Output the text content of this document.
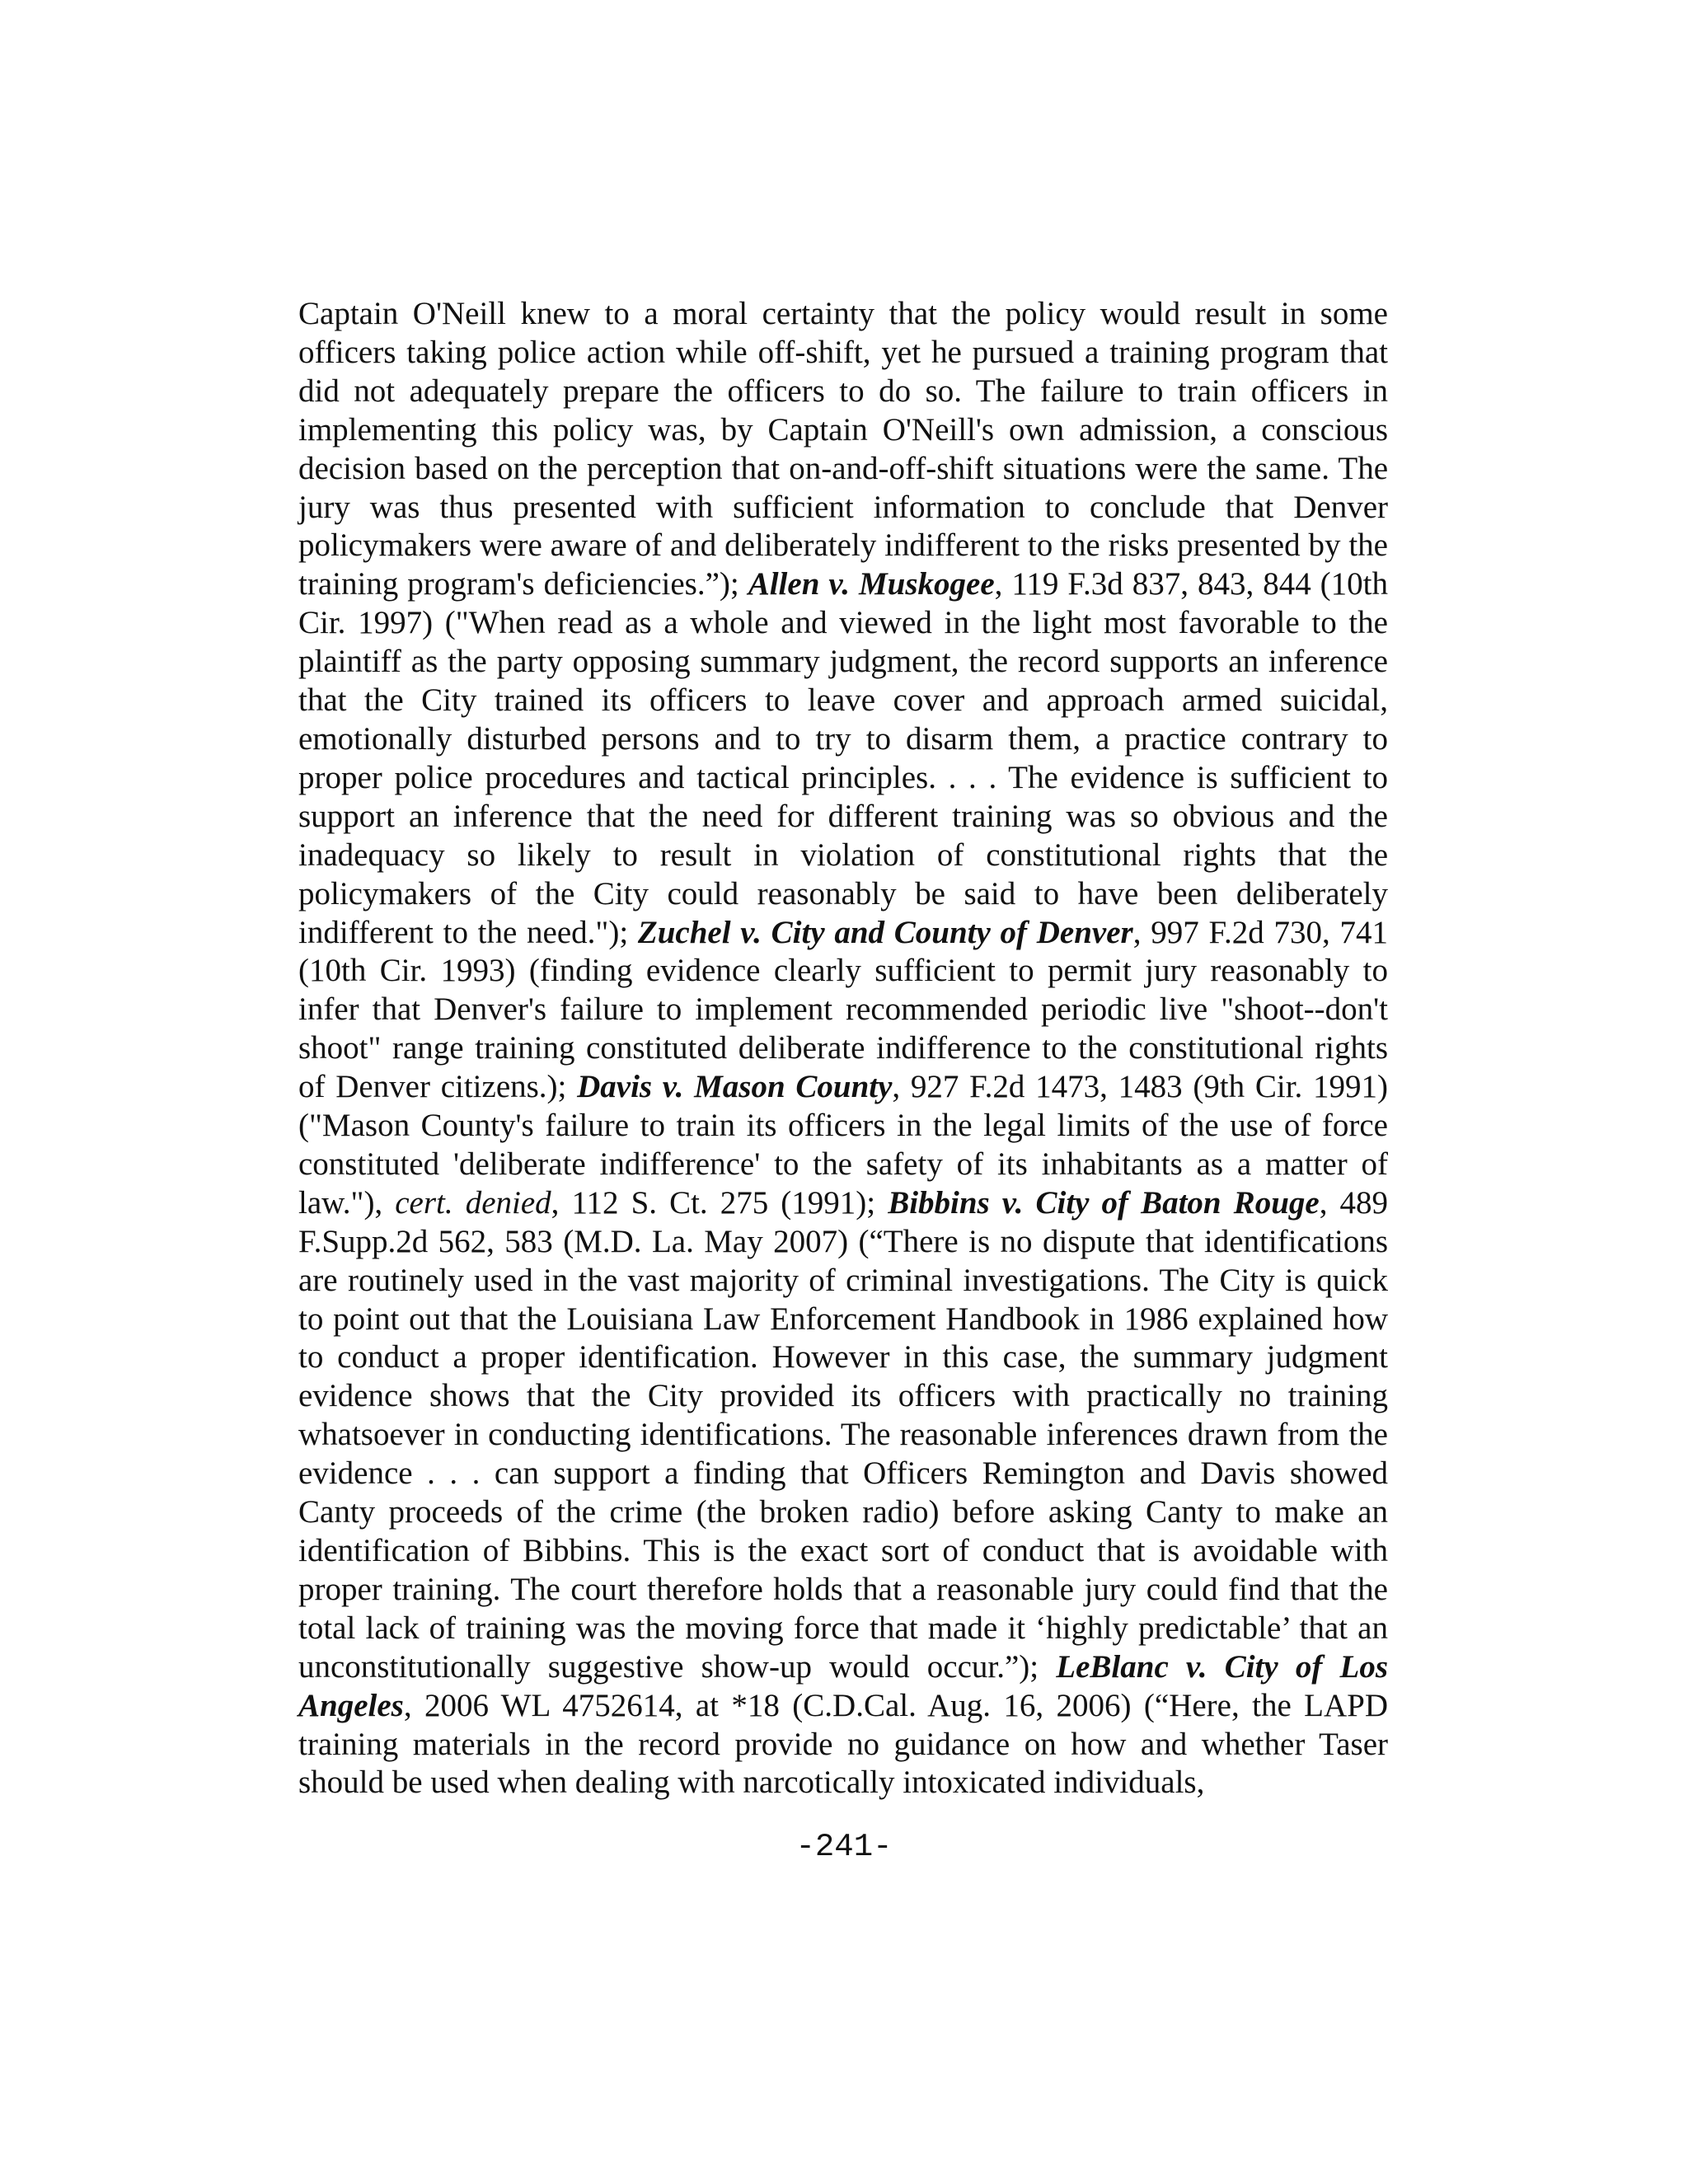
Captain O'Neill knew to a moral certainty that the policy would result in some officers taking police action while off-shift, yet he pursued a training program that did not adequately prepare the officers to do so. The failure to train officers in implementing this policy was, by Captain O'Neill's own admission, a conscious decision based on the perception that on-and-off-shift situations were the same. The jury was thus presented with sufficient information to conclude that Denver policymakers were aware of and deliberately indifferent to the risks presented by the training program's deficiencies.”); Allen v. Muskogee, 119 F.3d 837, 843, 844 (10th Cir. 1997) ("When read as a whole and viewed in the light most favorable to the plaintiff as the party opposing summary judgment, the record supports an inference that the City trained its officers to leave cover and approach armed suicidal, emotionally disturbed persons and to try to disarm them, a practice contrary to proper police procedures and tactical principles. . . . The evidence is sufficient to support an inference that the need for different training was so obvious and the inadequacy so likely to result in violation of constitutional rights that the policymakers of the City could reasonably be said to have been deliberately indifferent to the need."); Zuchel v. City and County of Denver, 997 F.2d 730, 741 (10th Cir. 1993) (finding evidence clearly sufficient to permit jury reasonably to infer that Denver's failure to implement recommended periodic live "shoot--don't shoot" range training constituted deliberate indifference to the constitutional rights of Denver citizens.); Davis v. Mason County, 927 F.2d 1473, 1483 (9th Cir. 1991) ("Mason County's failure to train its officers in the legal limits of the use of force constituted 'deliberate indifference' to the safety of its inhabitants as a matter of law."), cert. denied, 112 S. Ct. 275 (1991); Bibbins v. City of Baton Rouge, 489 F.Supp.2d 562, 583 (M.D. La. May 2007) (“There is no dispute that identifications are routinely used in the vast majority of criminal investigations. The City is quick to point out that the Louisiana Law Enforcement Handbook in 1986 explained how to conduct a proper identification. However in this case, the summary judgment evidence shows that the City provided its officers with practically no training whatsoever in conducting identifications. The reasonable inferences drawn from the evidence . . . can support a finding that Officers Remington and Davis showed Canty proceeds of the crime (the broken radio) before asking Canty to make an identification of Bibbins. This is the exact sort of conduct that is avoidable with proper training. The court therefore holds that a reasonable jury could find that the total lack of training was the moving force that made it ‘highly predictable’ that an unconstitutionally suggestive show-up would occur.”); LeBlanc v. City of Los Angeles, 2006 WL 4752614, at *18 (C.D.Cal. Aug. 16, 2006) (“Here, the LAPD training materials in the record provide no guidance on how and whether Taser should be used when dealing with narcotically intoxicated individuals,

-241-
